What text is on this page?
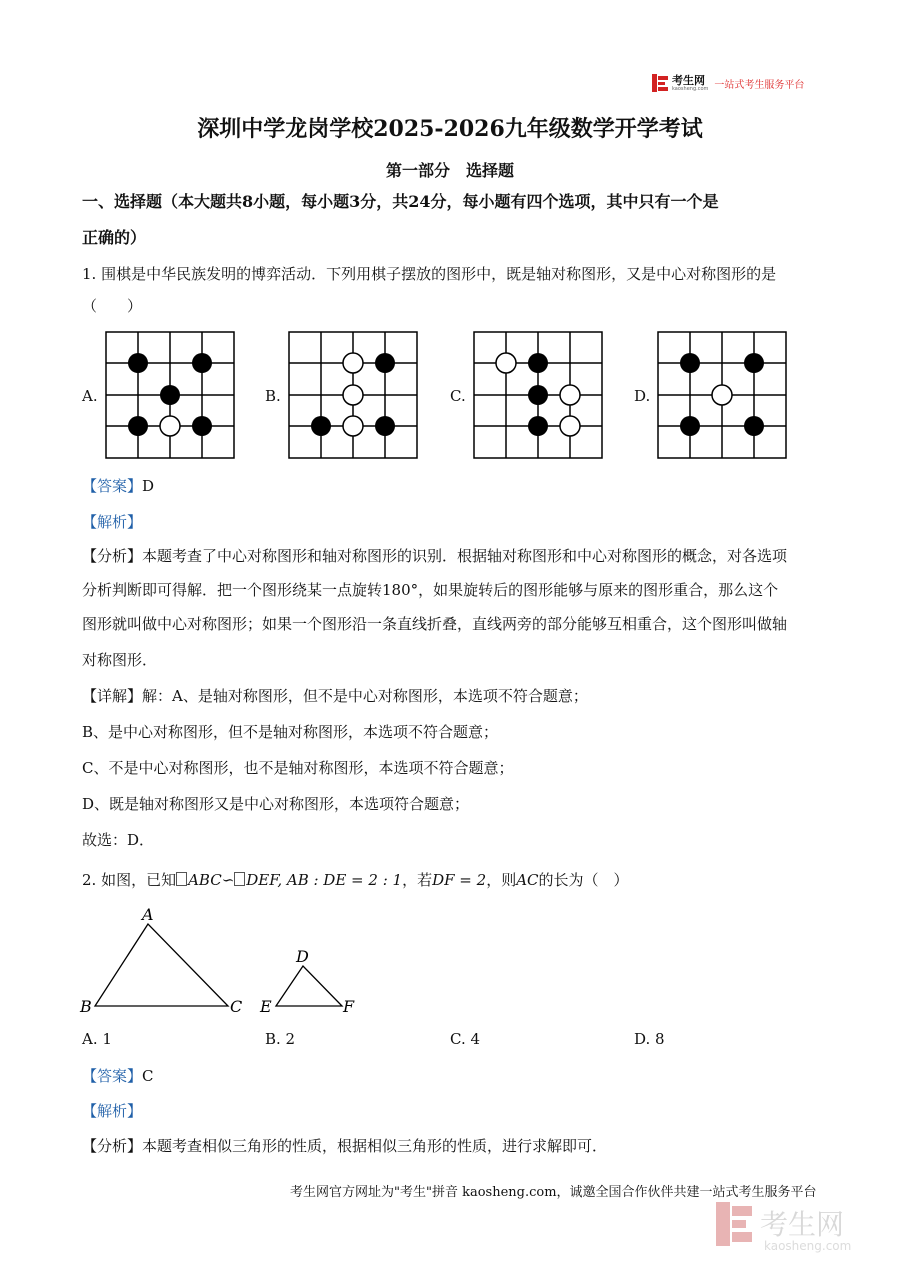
考生网
kaosheng.com 一站式考生服务平台
深圳中学龙岗学校2025-2026九年级数学开学考试
第一部分　选择题
一、选择题（本大题共8小题，每小题3分，共24分，每小题有四个选项，其中只有一个是
正确的）
1. 围棋是中华民族发明的博弈活动．下列用棋子摆放的图形中，既是轴对称图形，又是中心对称图形的是
（　　）
A.	B.	C.	D.
【答案】D
【解析】
【分析】本题考查了中心对称图形和轴对称图形的识别．根据轴对称图形和中心对称图形的概念，对各选项
分析判断即可得解．把一个图形绕某一点旋转180°，如果旋转后的图形能够与原来的图形重合，那么这个
图形就叫做中心对称图形；如果一个图形沿一条直线折叠，直线两旁的部分能够互相重合，这个图形叫做轴
对称图形．
【详解】解：A、是轴对称图形，但不是中心对称图形，本选项不符合题意；
B、是中心对称图形，但不是轴对称图形，本选项不符合题意；
C、不是中心对称图形，也不是轴对称图形，本选项不符合题意；
D、既是轴对称图形又是中心对称图形，本选项符合题意；
故选：D．
2. 如图，已知 ABC∽ DEF, AB : DE = 2 : 1，若DF = 2，则AC的长为（　）
A
B	C
D
E	F
A. 1	B. 2	C. 4	D. 8
【答案】C
【解析】
【分析】本题考查相似三角形的性质，根据相似三角形的性质，进行求解即可．
考生网官方网址为"考生"拼音 kaosheng.com，诚邀全国合作伙伴共建一站式考生服务平台
考生网
kaosheng.com
